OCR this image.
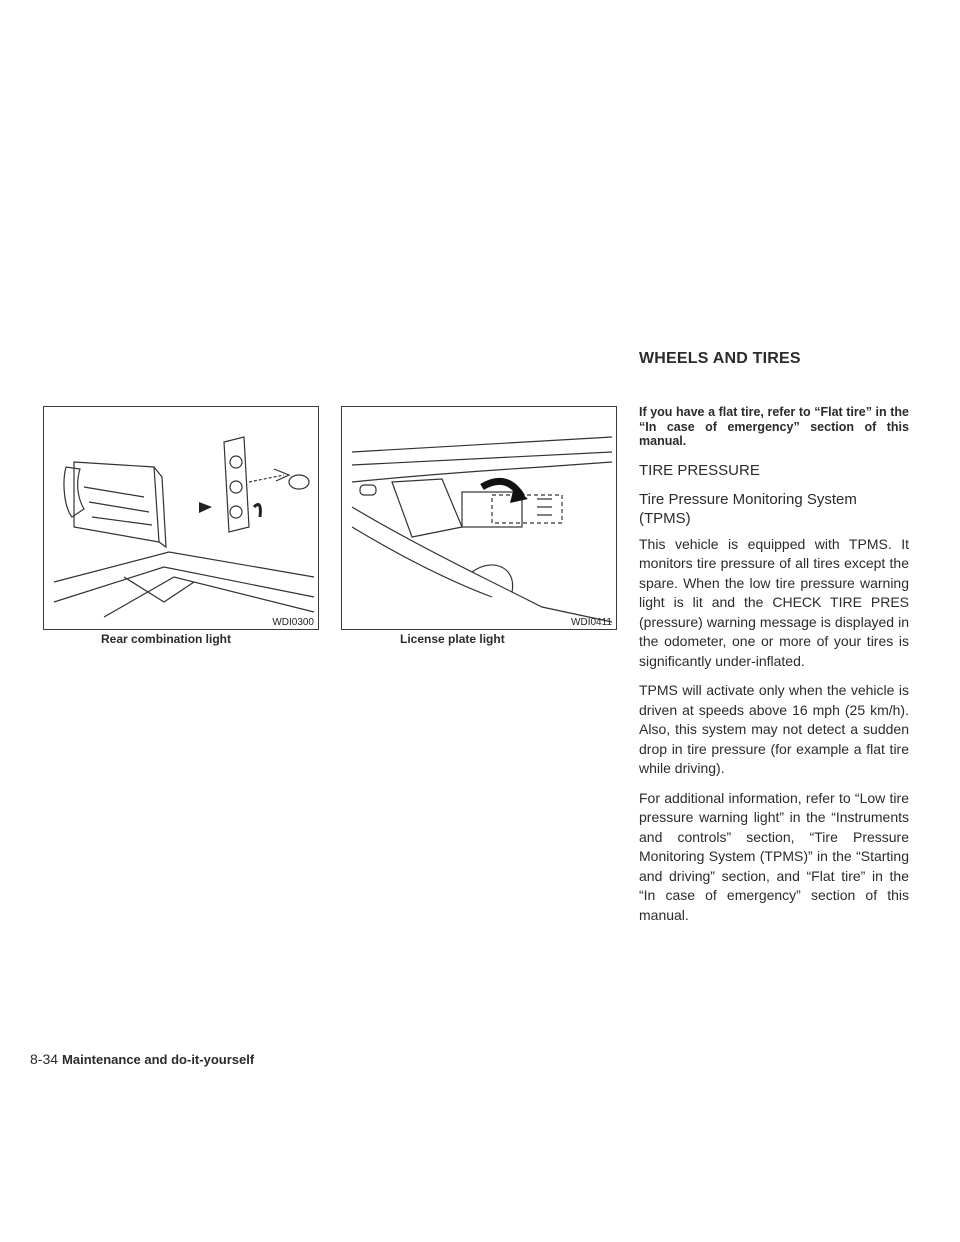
WHEELS AND TIRES
WDI0300
Rear combination light
WDI0411
License plate light

If you have a flat tire, refer to “Flat tire” in the “In case of emergency” section of this manual.

TIRE PRESSURE
Tire Pressure Monitoring System (TPMS)

This vehicle is equipped with TPMS. It monitors tire pressure of all tires except the spare. When the low tire pressure warning light is lit and the CHECK TIRE PRES (pressure) warning message is displayed in the odometer, one or more of your tires is significantly under-inflated.

TPMS will activate only when the vehicle is driven at speeds above 16 mph (25 km/h). Also, this system may not detect a sudden drop in tire pressure (for example a flat tire while driving).

For additional information, refer to “Low tire pressure warning light” in the “Instruments and controls” section, “Tire Pressure Monitoring System (TPMS)” in the “Starting and driving” section, and “Flat tire” in the “In case of emergency” section of this manual.

8-34 Maintenance and do-it-yourself
